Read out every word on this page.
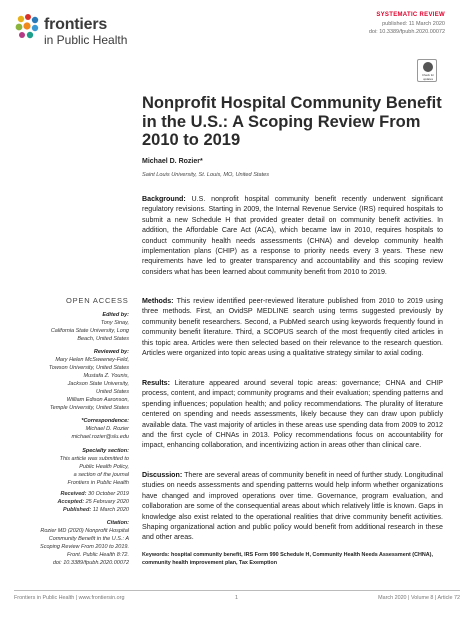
frontiers
in Public Health
SYSTEMATIC REVIEW
published: 11 March 2020
doi: 10.3389/fpubh.2020.00072
Check for
updates
Nonprofit Hospital Community Benefit in the U.S.: A Scoping Review From 2010 to 2019
Michael D. Rozier*
Saint Louis University, St. Louis, MO, United States
Background: U.S. nonprofit hospital community benefit recently underwent significant regulatory revisions. Starting in 2009, the Internal Revenue Service (IRS) required hospitals to submit a new Schedule H that provided greater detail on community benefit activities. In addition, the Affordable Care Act (ACA), which became law in 2010, requires hospitals to conduct community health needs assessments (CHNA) and develop community health implementation plans (CHIP) as a response to priority needs every 3 years. These new requirements have led to greater transparency and accountability and this scoping review considers what has been learned about community benefit from 2010 to 2019.
Methods: This review identified peer-reviewed literature published from 2010 to 2019 using three methods. First, an OvidSP MEDLINE search using terms suggested previously by community benefit researchers. Second, a PubMed search using keywords frequently found in community benefit literature. Third, a SCOPUS search of the most frequently cited articles in this topic area. Articles were then selected based on their relevance to the research question. Articles were organized into topic areas using a qualitative strategy similar to axial coding.
Results: Literature appeared around several topic areas: governance; CHNA and CHIP process, content, and impact; community programs and their evaluation; spending patterns and spending influences; population health; and policy recommendations. The plurality of literature centered on spending and needs assessments, likely because they can draw upon publicly available data. The vast majority of articles in these areas use spending data from 2009 to 2012 and the first cycle of CHNAs in 2013. Policy recommendations focus on accountability for impact, enhancing collaboration, and incentivizing action in areas other than clinical care.
Discussion: There are several areas of community benefit in need of further study. Longitudinal studies on needs assessments and spending patterns would help inform whether organizations have changed and improved operations over time. Governance, program evaluation, and collaboration are some of the consequential areas about which relatively little is known. Gaps in knowledge also exist related to the operational realities that drive community benefit activities. Shaping organizational action and public policy would benefit from additional research in these and other areas.
Keywords: hospital community benefit, IRS Form 990 Schedule H, Community Health Needs Assessment (CHNA), community health improvement plan, Tax Exemption
OPEN ACCESS
Edited by:
Tony Sinay,
California State University, Long
Beach, United States
Reviewed by:
Mary Helen McSweeney-Feld,
Towson University, United States
Mustafa Z. Younis,
Jackson State University,
United States
William Edison Aaronson,
Temple University, United States
*Correspondence:
Michael D. Rozier
michael.rozier@slu.edu
Specialty section:
This article was submitted to
Public Health Policy,
a section of the journal
Frontiers in Public Health
Received: 30 October 2019
Accepted: 25 February 2020
Published: 11 March 2020
Citation:
Rozier MD (2020) Nonprofit Hospital
Community Benefit in the U.S.: A
Scoping Review From 2010 to 2019.
Front. Public Health 8:72.
doi: 10.3389/fpubh.2020.00072
Frontiers in Public Health | www.frontiersin.org	1	March 2020 | Volume 8 | Article 72
